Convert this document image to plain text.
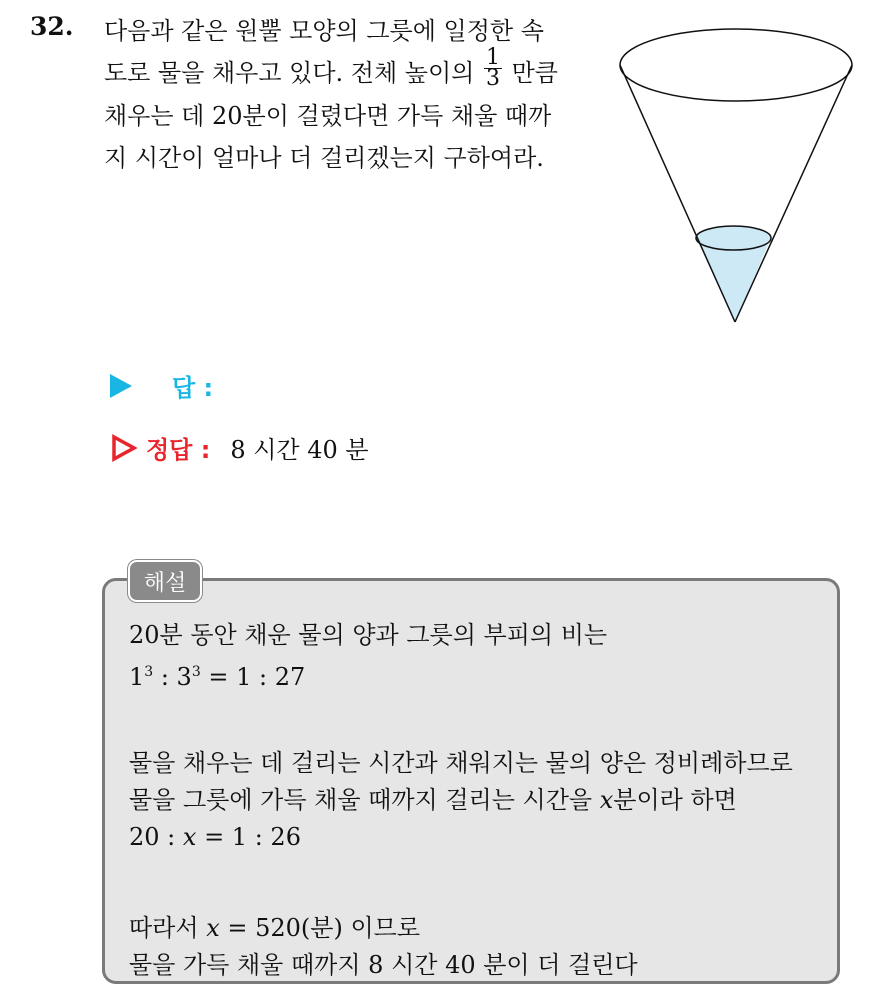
32. 다음과 같은 원뿔 모양의 그릇에 일정한 속
도로 물을 채우고 있다. 전체 높이의 $\frac{1}{3}$ 만큼
채우는 데 20분이 걸렸다면 가득 채울 때까
지 시간이 얼마나 더 걸리겠는지 구하여라.
답 :
정답 : 8 시간 40 분
해설
20분 동안 채운 물의 양과 그릇의 부피의 비는
$1^3$ : $3^3 = 1$ : 27
물을 채우는 데 걸리는 시간과 채워지는 물의 양은 정비례하므로
물을 그릇에 가득 채울 때까지 걸리는 시간을 x분이라 하면
20 : x = 1 : 26
따라서 x = 520(분) 이므로
물을 가득 채울 때까지 8 시간 40 분이 더 걸린다
